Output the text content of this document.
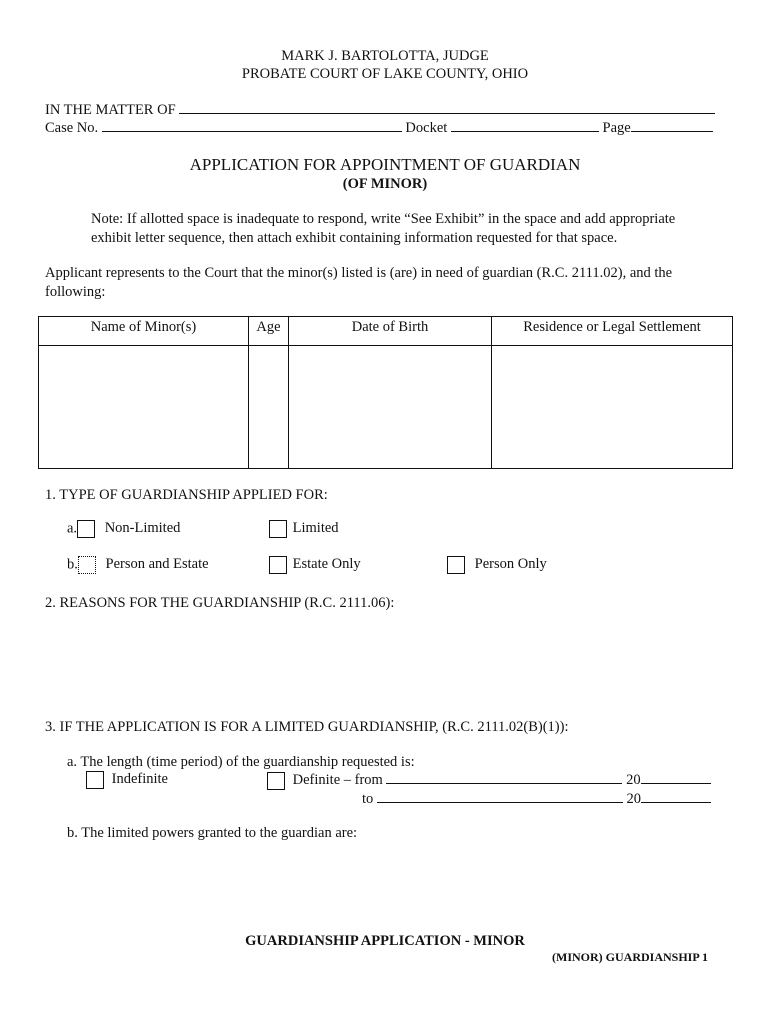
MARK J. BARTOLOTTA, JUDGE
PROBATE COURT OF LAKE COUNTY, OHIO
IN THE MATTER OF
Case No.	Docket	Page
APPLICATION FOR APPOINTMENT OF GUARDIAN
(OF MINOR)
Note: If allotted space is inadequate to respond, write “See Exhibit” in the space and add appropriate
exhibit letter sequence, then attach exhibit containing information requested for that space.
Applicant represents to the Court that the minor(s) listed is (are) in need of guardian (R.C. 2111.02), and the
following:
Name of Minor(s)	Age	Date of Birth	Residence or Legal Settlement

1. TYPE OF GUARDIANSHIP APPLIED FOR:
a. Non-Limited	Limited
b. Person and Estate	Estate Only	Person Only
2. REASONS FOR THE GUARDIANSHIP (R.C. 2111.06):
3. IF THE APPLICATION IS FOR A LIMITED GUARDIANSHIP, (R.C. 2111.02(B)(1)):
a. The length (time period) of the guardianship requested is:
Indefinite	Definite – from	20
to	20
b. The limited powers granted to the guardian are:
GUARDIANSHIP APPLICATION - MINOR
(MINOR) GUARDIANSHIP 1
